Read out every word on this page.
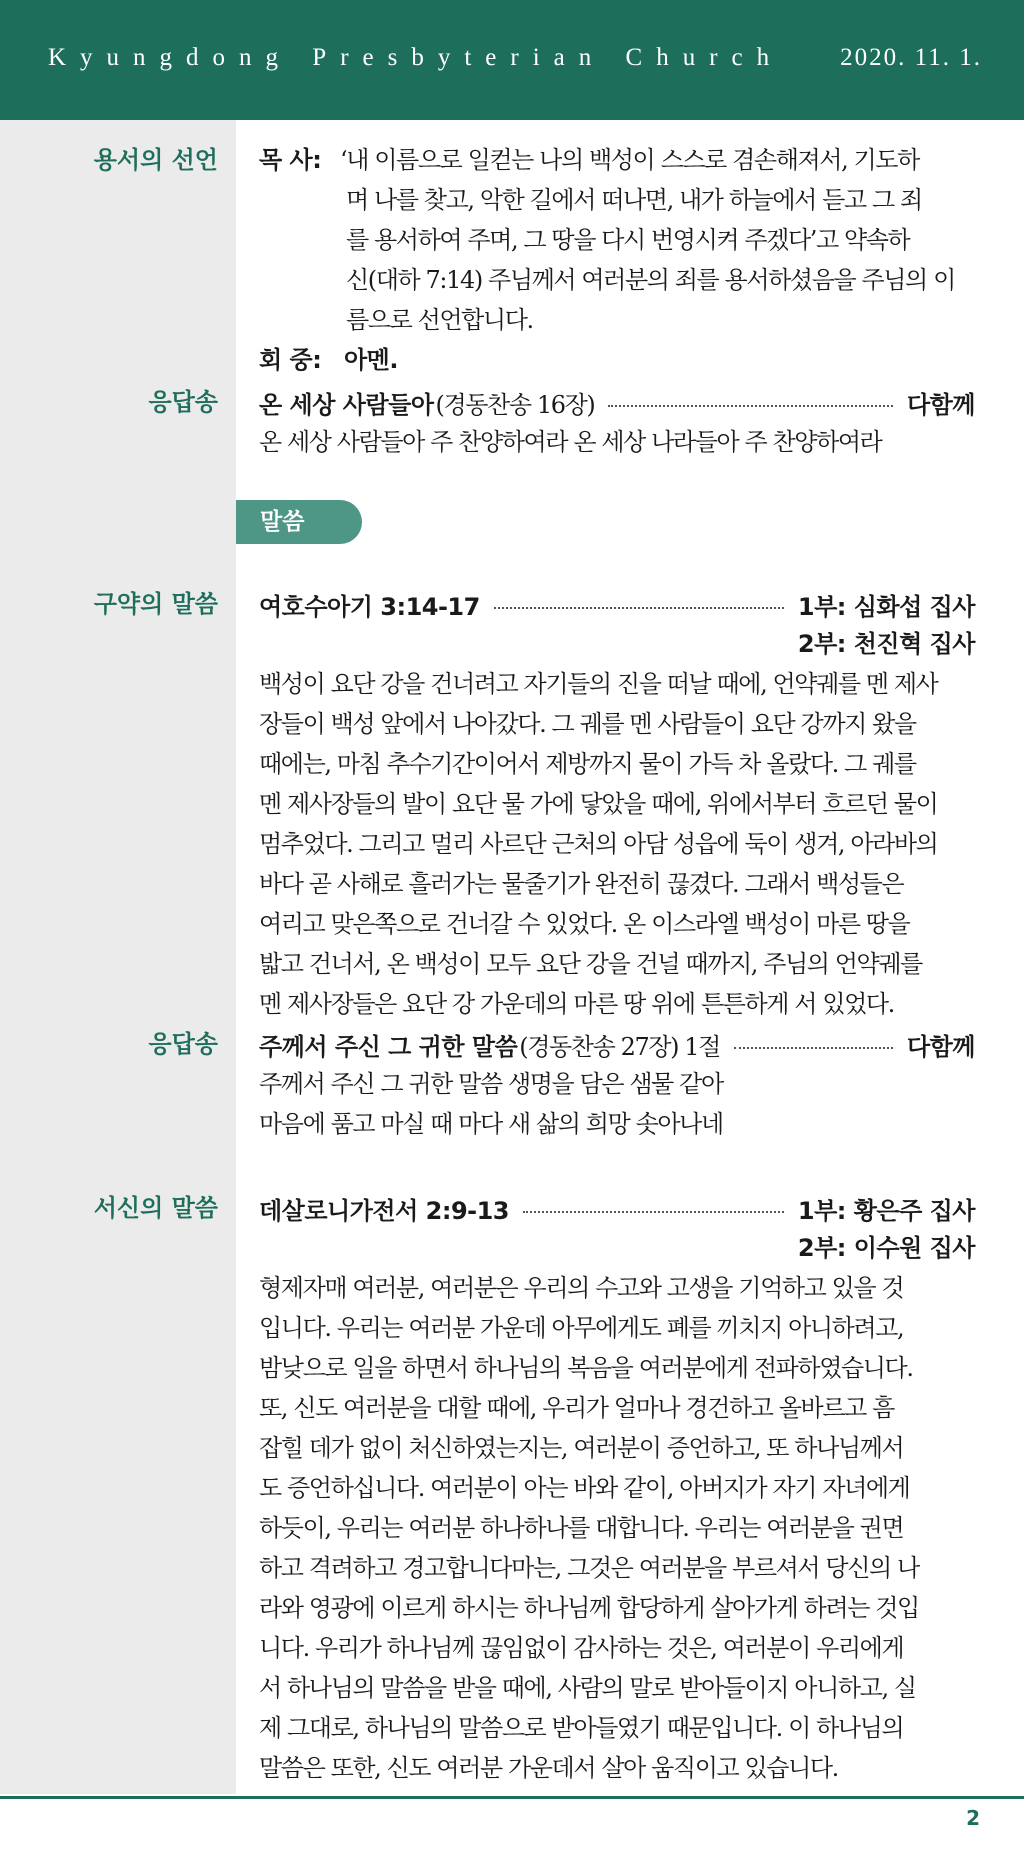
Kyungdong Presbyterian Church 2020. 11. 1.
용서의 선언 목 사: ‘내 이름으로 일컫는 나의 백성이 스스로 겸손해져서, 기도하
며 나를 찾고, 악한 길에서 떠나면, 내가 하늘에서 듣고 그 죄
를 용서하여 주며, 그 땅을 다시 번영시켜 주겠다’고 약속하
신(대하 7:14) 주님께서 여러분의 죄를 용서하셨음을 주님의 이
름으로 선언합니다.
회 중: 아멘.
응답송 온 세상 사람들아 (경동찬송 16장)	다함께
온 세상 사람들아 주 찬양하여라 온 세상 나라들아 주 찬양하여라
말씀
구약의 말씀 여호수아기 3:14-17	1부: 심화섭 집사
2부: 천진혁 집사
백성이 요단 강을 건너려고 자기들의 진을 떠날 때에, 언약궤를 멘 제사
장들이 백성 앞에서 나아갔다. 그 궤를 멘 사람들이 요단 강까지 왔을
때에는, 마침 추수기간이어서 제방까지 물이 가득 차 올랐다. 그 궤를
멘 제사장들의 발이 요단 물 가에 닿았을 때에, 위에서부터 흐르던 물이
멈추었다. 그리고 멀리 사르단 근처의 아담 성읍에 둑이 생겨, 아라바의
바다 곧 사해로 흘러가는 물줄기가 완전히 끊겼다. 그래서 백성들은
여리고 맞은쪽으로 건너갈 수 있었다. 온 이스라엘 백성이 마른 땅을
밟고 건너서, 온 백성이 모두 요단 강을 건널 때까지, 주님의 언약궤를
멘 제사장들은 요단 강 가운데의 마른 땅 위에 튼튼하게 서 있었다.
응답송 주께서 주신 그 귀한 말씀 (경동찬송 27장) 1절	다함께
주께서 주신 그 귀한 말씀 생명을 담은 샘물 같아
마음에 품고 마실 때 마다 새 삶의 희망 솟아나네
서신의 말씀 데살로니가전서 2:9-13	1부: 황은주 집사
2부: 이수원 집사
형제자매 여러분, 여러분은 우리의 수고와 고생을 기억하고 있을 것
입니다. 우리는 여러분 가운데 아무에게도 폐를 끼치지 아니하려고,
밤낮으로 일을 하면서 하나님의 복음을 여러분에게 전파하였습니다.
또, 신도 여러분을 대할 때에, 우리가 얼마나 경건하고 올바르고 흠
잡힐 데가 없이 처신하였는지는, 여러분이 증언하고, 또 하나님께서
도 증언하십니다. 여러분이 아는 바와 같이, 아버지가 자기 자녀에게
하듯이, 우리는 여러분 하나하나를 대합니다. 우리는 여러분을 권면
하고 격려하고 경고합니다마는, 그것은 여러분을 부르셔서 당신의 나
라와 영광에 이르게 하시는 하나님께 합당하게 살아가게 하려는 것입
니다. 우리가 하나님께 끊임없이 감사하는 것은, 여러분이 우리에게
서 하나님의 말씀을 받을 때에, 사람의 말로 받아들이지 아니하고, 실
제 그대로, 하나님의 말씀으로 받아들였기 때문입니다. 이 하나님의
말씀은 또한, 신도 여러분 가운데서 살아 움직이고 있습니다.
2
